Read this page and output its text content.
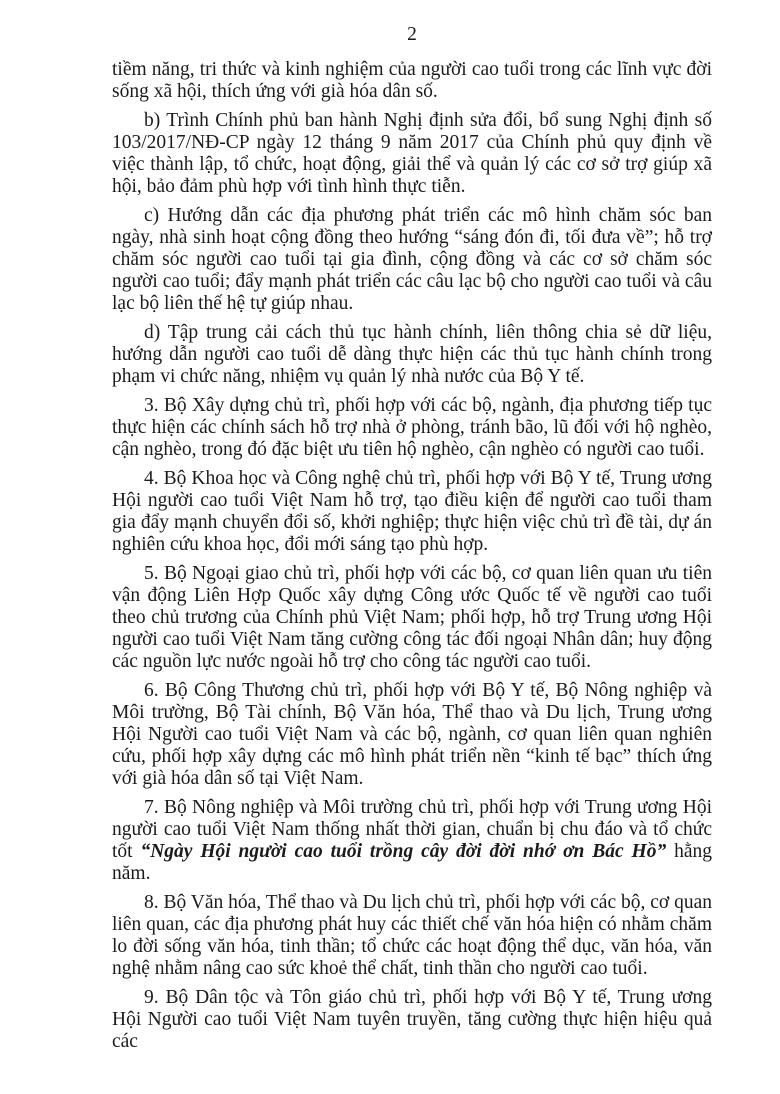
2

tiềm năng, tri thức và kinh nghiệm của người cao tuổi trong các lĩnh vực đời sống xã hội, thích ứng với già hóa dân số.

b) Trình Chính phủ ban hành Nghị định sửa đổi, bổ sung Nghị định số 103/2017/NĐ-CP ngày 12 tháng 9 năm 2017 của Chính phủ quy định về việc thành lập, tổ chức, hoạt động, giải thể và quản lý các cơ sở trợ giúp xã hội, bảo đảm phù hợp với tình hình thực tiễn.

c) Hướng dẫn các địa phương phát triển các mô hình chăm sóc ban ngày, nhà sinh hoạt cộng đồng theo hướng “sáng đón đi, tối đưa về”; hỗ trợ chăm sóc người cao tuổi tại gia đình, cộng đồng và các cơ sở chăm sóc người cao tuổi; đẩy mạnh phát triển các câu lạc bộ cho người cao tuổi và câu lạc bộ liên thế hệ tự giúp nhau.

d) Tập trung cải cách thủ tục hành chính, liên thông chia sẻ dữ liệu, hướng dẫn người cao tuổi dễ dàng thực hiện các thủ tục hành chính trong phạm vi chức năng, nhiệm vụ quản lý nhà nước của Bộ Y tế.

3. Bộ Xây dựng chủ trì, phối hợp với các bộ, ngành, địa phương tiếp tục thực hiện các chính sách hỗ trợ nhà ở phòng, tránh bão, lũ đối với hộ nghèo, cận nghèo, trong đó đặc biệt ưu tiên hộ nghèo, cận nghèo có người cao tuổi.

4. Bộ Khoa học và Công nghệ chủ trì, phối hợp với Bộ Y tế, Trung ương Hội người cao tuổi Việt Nam hỗ trợ, tạo điều kiện để người cao tuổi tham gia đẩy mạnh chuyển đổi số, khởi nghiệp; thực hiện việc chủ trì đề tài, dự án nghiên cứu khoa học, đổi mới sáng tạo phù hợp.

5. Bộ Ngoại giao chủ trì, phối hợp với các bộ, cơ quan liên quan ưu tiên vận động Liên Hợp Quốc xây dựng Công ước Quốc tế về người cao tuổi theo chủ trương của Chính phủ Việt Nam; phối hợp, hỗ trợ Trung ương Hội người cao tuổi Việt Nam tăng cường công tác đối ngoại Nhân dân; huy động các nguồn lực nước ngoài hỗ trợ cho công tác người cao tuổi.

6. Bộ Công Thương chủ trì, phối hợp với Bộ Y tế, Bộ Nông nghiệp và Môi trường, Bộ Tài chính, Bộ Văn hóa, Thể thao và Du lịch, Trung ương Hội Người cao tuổi Việt Nam và các bộ, ngành, cơ quan liên quan nghiên cứu, phối hợp xây dựng các mô hình phát triển nền “kinh tế bạc” thích ứng với già hóa dân số tại Việt Nam.

7. Bộ Nông nghiệp và Môi trường chủ trì, phối hợp với Trung ương Hội người cao tuổi Việt Nam thống nhất thời gian, chuẩn bị chu đáo và tổ chức tốt “Ngày Hội người cao tuổi trồng cây đời đời nhớ ơn Bác Hồ” hằng năm.

8. Bộ Văn hóa, Thể thao và Du lịch chủ trì, phối hợp với các bộ, cơ quan liên quan, các địa phương phát huy các thiết chế văn hóa hiện có nhằm chăm lo đời sống văn hóa, tinh thần; tổ chức các hoạt động thể dục, văn hóa, văn nghệ nhằm nâng cao sức khoẻ thể chất, tinh thần cho người cao tuổi.

9. Bộ Dân tộc và Tôn giáo chủ trì, phối hợp với Bộ Y tế, Trung ương Hội Người cao tuổi Việt Nam tuyên truyền, tăng cường thực hiện hiệu quả các
